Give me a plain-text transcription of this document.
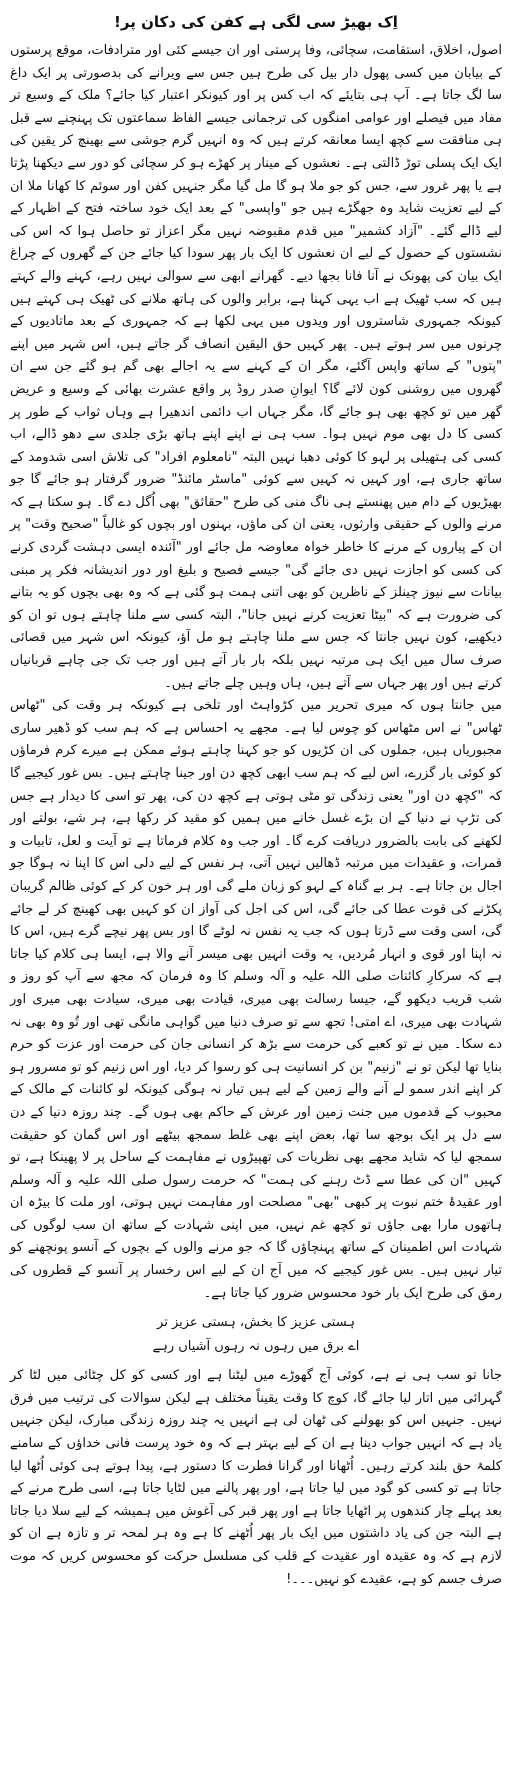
اِک بھیڑ سی لگی ہے کفن کی دکان پر!

اصول، اخلاق، استقامت، سچائی، وفا پرستی اور ان جیسے کئی اور مترادفات، موقع پرستوں کے بیابان میں کسی پھول دار بیل کی طرح ہیں جس سے ویرانے کی بدصورتی پر ایک داغ سا لگ جاتا ہے۔ آپ ہی بتایئے کہ اب کس پر اور کیونکر اعتبار کیا جائے؟ ملک کے وسیع تر مفاد میں فیصلے اور عوامی امنگوں کی ترجمانی جیسے الفاظ سماعتوں تک پہنچنے سے قبل ہی منافقت سے کچھ ایسا معانقہ کرتے ہیں کہ وہ انہیں گرم جوشی سے بھینچ کر یقین کی ایک ایک پسلی توڑ ڈالتی ہے۔ نعشوں کے مینار پر کھڑے ہو کر سچائی کو دور سے دیکھنا پڑتا ہے یا پھر غرور سے، جس کو جو ملا ہو گا مل گیا مگر جنہیں کفن اور سوئم کا کھانا ملا ان کے لیے تعزیت شاید وہ جھگڑے ہیں جو "واپسی" کے بعد ایک خود ساختہ فتح کے اظہار کے لیے ڈالے گئے۔ "آزاد کشمیر" میں قدم مقبوضہ نہیں مگر اعزاز تو حاصل ہوا کہ اس کی نشستوں کے حصول کے لیے ان نعشوں کا ایک بار پھر سودا کیا جائے جن کے گھروں کے چراغ ایک بیان کی پھونک نے آنا فانا بجھا دیے۔ گھرانے ابھی سے سوالی نہیں رہے، کہنے والے کہتے ہیں کہ سب ٹھیک ہے اب یہی کہنا ہے، برابر والوں کی ہاتھ ملانے کی ٹھیک ہی کہتے ہیں کیونکہ جمہوری شاستروں اور ویدوں میں یہی لکھا ہے کہ جمہوری کے بعد ماتادیوں کے چرنوں میں سر ہوتے ہیں۔ پھر کہیں حق الیقین انصاف گر جاتے ہیں، اس شہر میں اپنے "پتوں" کے ساتھ واپس آگئے، مگر ان کے کہنے سے یہ اجالے بھی گم ہو گئے جن سے ان گھروں میں روشنی کون لائے گا؟ ایوانِ صدر روڈ پر واقع عشرت بھائی کے وسیع و عریض گھر میں تو کچھ بھی ہو جائے گا، مگر جہاں اب دائمی اندھیرا ہے وہاں ثواب کے طور پر کسی کا دل بھی موم نہیں ہوا۔ سب ہی نے اپنے اپنے ہاتھ بڑی جلدی سے دھو ڈالے، اب کسی کی ہتھیلی پر لہو کا کوئی دھبا نہیں البتہ "نامعلوم افراد" کی تلاش اسی شدومد کے ساتھ جاری ہے، اور کہیں نہ کہیں سے کوئی "ماسٹر مائنڈ" ضرور گرفتار ہو جائے گا جو بھیڑیوں کے دام میں پھنستے ہی ناگ منی کی طرح "حقائق" بھی اُگل دے گا۔ ہو سکتا ہے کہ مرنے والوں کے حقیقی وارثوں، یعنی ان کی ماؤں، بہنوں اور بچوں کو غالباً "صحیح وقت" پر ان کے پیاروں کے مرنے کا خاطر خواہ معاوضہ مل جائے اور "آئندہ ایسی دہشت گردی کرنے کی کسی کو اجازت نہیں دی جائے گی" جیسے فصیح و بلیغ اور دور اندیشانہ فکر پر مبنی بیانات سے نیوز چینلز کے ناظرین کو بھی اتنی ہمت ہو گئی ہے کہ وہ بھی بچوں کو یہ بتانے کی ضرورت ہے کہ "بیٹا تعزیت کرنے نہیں جانا"، البتہ کسی سے ملنا چاہتے ہوں تو ان کو دیکھیے، کون نہیں جانتا کہ جس سے ملنا چاہتے ہو مل آؤ، کیونکہ اس شہر میں قصائی صرف سال میں ایک ہی مرتبہ نہیں بلکہ بار بار آتے ہیں اور جب تک جی چاہے قربانیاں کرتے ہیں اور پھر جہاں سے آتے ہیں، ہاں وہیں چلے جاتے ہیں۔

میں جانتا ہوں کہ میری تحریر میں کڑواہٹ اور تلخی ہے کیونکہ ہر وقت کی "ٹھاس ٹھاس" نے اس مٹھاس کو چوس لیا ہے۔ مجھے یہ احساس ہے کہ ہم سب کو ڈھیر ساری مجبوریاں ہیں، جملوں کی ان کڑیوں کو جو کہنا چاہتے ہوئے ممکن ہے میرے کرم فرماؤں کو کوئی بار گزرے، اس لیے کہ ہم سب ابھی کچھ دن اور جینا چاہتے ہیں۔ بس غور کیجیے گا کہ "کچھ دن اور" یعنی زندگی تو مٹی ہوتی ہے کچھ دن کی، پھر تو اسی کا دیدار ہے جس کی تڑپ نے دنیا کے ان بڑے غسل خانے میں ہمیں کو مقید کر رکھا ہے، ہر شے، بولتے اور لکھنے کی بابت بالضرور دریافت کرے گا۔ اور جب وہ کلام فرماتا ہے تو آیت و لعل، تابیات و قمرات، و عقیدات میں مرتبہ ڈھالیں نہیں آتی، ہر نفس کے لیے دلی اس کا اپنا نہ ہوگا جو اجال بن جاتا ہے۔ ہر بے گناہ کے لہو کو زبان ملے گی اور ہر خون کر کے کوئی ظالم گریبان پکڑنے کی قوت عطا کی جائے گی، اس کی اجل کی آواز ان کو کہیں بھی کھینچ کر لے جائے گی، اسی وقت سے ڈرتا ہوں کہ جب یہ نفس نہ لوٹے گا اور بس پھر نیچے گرے ہیں، اس کا نہ اپنا اور قوی و انہار مُردیں، یہ وقت انہیں بھی میسر آنے والا ہے، ایسا ہی کلام کیا جاتا ہے کہ سرکارِ کائنات صلی اللہ علیہ و آلہ وسلم کا وہ فرمان کہ مجھ سے آپ کو روز و شب قریب دیکھو گے، جیسا رسالت بھی میری، قیادت بھی میری، سیادت بھی میری اور شہادت بھی میری، اے امتی! تجھ سے تو صرف دنیا میں گواہی مانگی تھی اور تُو وہ بھی نہ دے سکا۔ میں نے تو کعبے کی حرمت سے بڑھ کر انسانی جان کی حرمت اور عزت کو حرم بنایا تھا لیکن تو نے "زنیم" بن کر انسانیت ہی کو رسوا کر دیا، اور اس زنیم کو تو مسرور ہو کر اپنے اندر سمو لے آنے والے زمین کے لیے ہیں تیار نہ ہوگی کیونکہ لو کائنات کے مالک کے محبوب کے قدموں میں جنت زمین اور عرش کے حاکم بھی ہوں گے۔ چند روزہ دنیا کے دن سے دل پر ایک بوجھ سا تھا، بعض اپنے بھی غلط سمجھ بیٹھے اور اس گمان کو حقیقت سمجھ لیا کہ شاید مجھے بھی نظریات کی تھپیڑوں نے مفاہمت کے ساحل پر لا پھینکا ہے، تو کہیں "ان کی عطا سے ڈٹ رہنے کی ہمت" کہ حرمت رسول صلی اللہ علیہ و آلہ وسلم اور عقیدۂ ختم نبوت پر کبھی "بھی" مصلحت اور مفاہمت نہیں ہوتی، اور ملت کا بیڑہ ان ہاتھوں مارا بھی جاؤں تو کچھ غم نہیں، میں اپنی شہادت کے ساتھ ان سب لوگوں کی شہادت اس اطمینان کے ساتھ پہنچاؤں گا کہ جو مرنے والوں کے بچوں کے آنسو پونچھنے کو تیار نہیں ہیں۔ بس غور کیجیے کہ میں آج ان کے لیے اس رخسار پر آنسو کے قطروں کی رمق کی طرح ایک بار خود محسوس ضرور کیا جاتا ہے۔

ہستی عزیز کا بخش، ہستی عزیز تر
اے برق میں رہوں نہ رہوں آشیاں رہے

جانا تو سب ہی نے ہے، کوئی آج گھوڑے میں لیٹنا ہے اور کسی کو کل چٹائی میں لٹا کر گہرائی میں اتار لیا جائے گا، کوچ کا وقت یقیناً مختلف ہے لیکن سوالات کی ترتیب میں فرق نہیں۔ جنہیں اس کو بھولنے کی ٹھان لی ہے انہیں یہ چند روزہ زندگی مبارک، لیکن جنہیں یاد ہے کہ انہیں جواب دینا ہے ان کے لیے بہتر ہے کہ وہ خود پرست فانی خداؤں کے سامنے کلمۂ حق بلند کرتے رہیں۔ اُٹھانا اور گرانا فطرت کا دستور ہے، پیدا ہوتے ہی کوئی اُٹھا لیا جاتا ہے تو کسی کو گود میں لیا جاتا ہے، اور پھر پالنے میں لٹایا جاتا ہے، اسی طرح مرنے کے بعد پہلے چار کندھوں پر اٹھایا جاتا ہے اور پھر قبر کی آغوش میں ہمیشہ کے لیے سلا دیا جاتا ہے البتہ جن کی یاد داشتوں میں ایک بار پھر اُٹھنے کا ہے وہ ہر لمحہ تر و تازہ ہے ان کو لازم ہے کہ وہ عقیدہ اور عقیدت کے قلب کی مسلسل حرکت کو محسوس کریں کہ موت صرف جسم کو ہے، عقیدے کو نہیں۔۔۔!
